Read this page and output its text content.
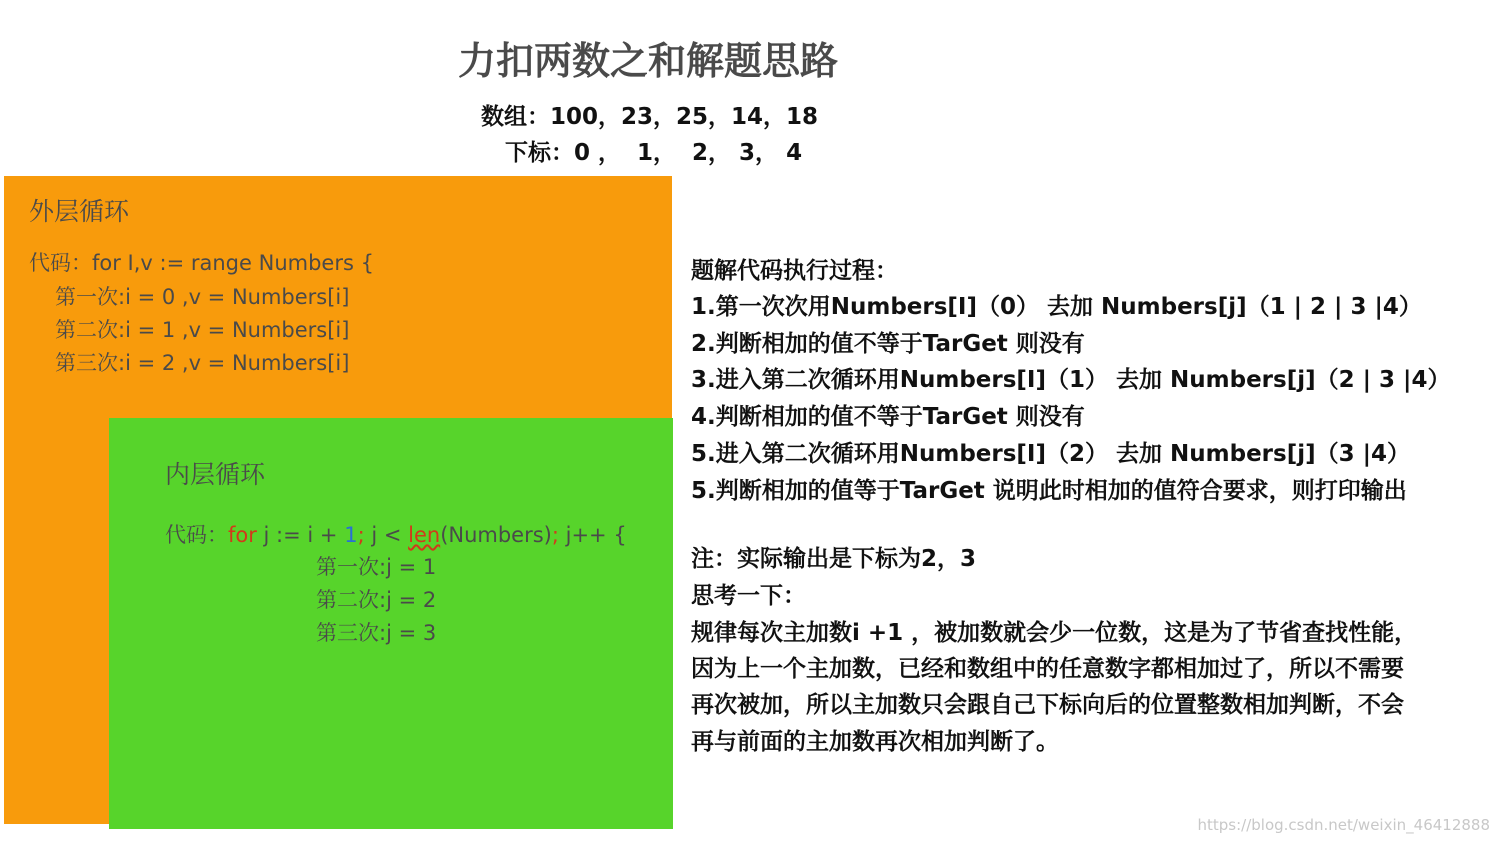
力扣两数之和解题思路
数组：100，23，25，14，18
下标：0 ，  1，  2， 3， 4
外层循环
代码：for I,v := range Numbers {
第一次:i = 0 ,v = Numbers[i]
第二次:i = 1 ,v = Numbers[i]
第三次:i = 2 ,v = Numbers[i]
内层循环
代码：for j := i + 1; j < len(Numbers); j++ {
第一次:j = 1
第二次:j = 2
第三次:j = 3
题解代码执行过程：
1.第一次次用Numbers[I]（0） 去加 Numbers[j]（1 | 2 | 3 |4）
2.判断相加的值不等于TarGet 则没有
3.进入第二次循环用Numbers[I]（1） 去加 Numbers[j]（2 | 3 |4）
4.判断相加的值不等于TarGet 则没有
5.进入第二次循环用Numbers[I]（2） 去加 Numbers[j]（3 |4）
5.判断相加的值等于TarGet 说明此时相加的值符合要求，则打印输出
注：实际输出是下标为2，3
思考一下：
规律每次主加数i +1 ，被加数就会少一位数，这是为了节省查找性能，
因为上一个主加数，已经和数组中的任意数字都相加过了，所以不需要
再次被加，所以主加数只会跟自己下标向后的位置整数相加判断，不会
再与前面的主加数再次相加判断了。
https://blog.csdn.net/weixin_46412888
